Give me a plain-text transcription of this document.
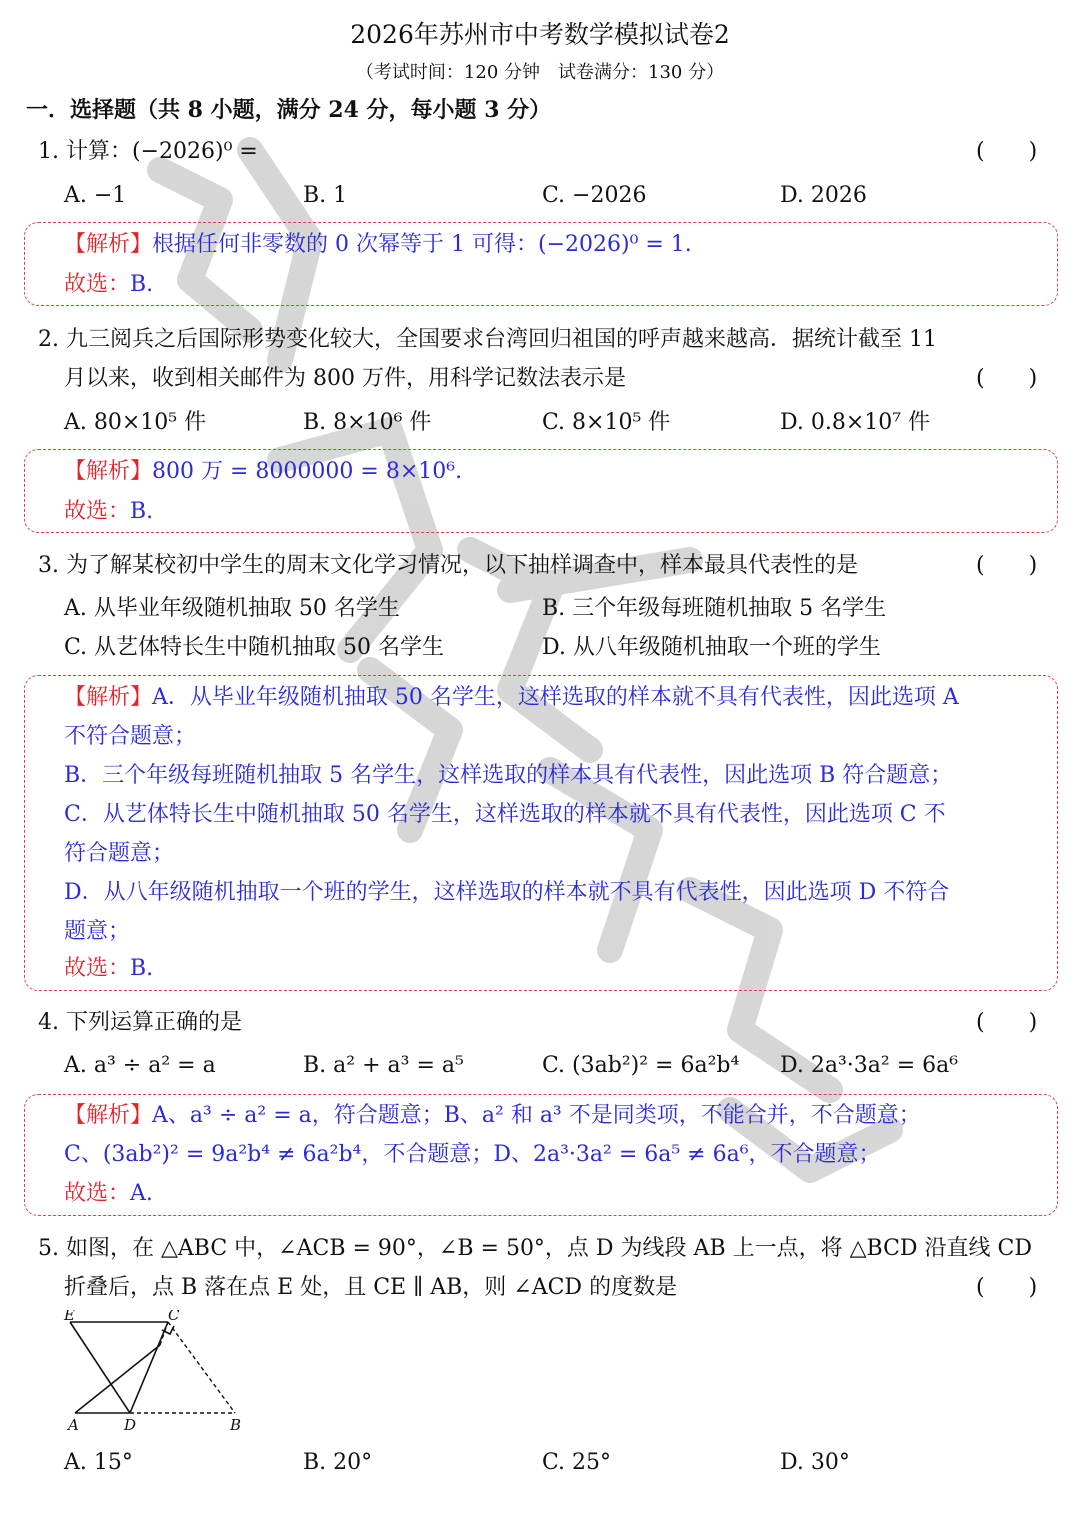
2026年苏州市中考数学模拟试卷2
（考试时间：120 分钟　试卷满分：130 分）
一．选择题（共 8 小题，满分 24 分，每小题 3 分）
1. 计算：(−2026)⁰ =	(　　)
A. −1	B. 1	C. −2026	D. 2026
【解析】根据任何非零数的 0 次幂等于 1 可得：(−2026)⁰ = 1.
故选：B.
2. 九三阅兵之后国际形势变化较大，全国要求台湾回归祖国的呼声越来越高．据统计截至 11
月以来，收到相关邮件为 800 万件，用科学记数法表示是	(　　)
A. 80×10⁵ 件	B. 8×10⁶ 件	C. 8×10⁵ 件	D. 0.8×10⁷ 件
【解析】800 万 = 8000000 = 8×10⁶.
故选：B.
3. 为了解某校初中学生的周末文化学习情况，以下抽样调查中，样本最具代表性的是	(　　)
A. 从毕业年级随机抽取 50 名学生	B. 三个年级每班随机抽取 5 名学生
C. 从艺体特长生中随机抽取 50 名学生	D. 从八年级随机抽取一个班的学生
【解析】A．从毕业年级随机抽取 50 名学生，这样选取的样本就不具有代表性，因此选项 A
不符合题意；
B．三个年级每班随机抽取 5 名学生，这样选取的样本具有代表性，因此选项 B 符合题意；
C．从艺体特长生中随机抽取 50 名学生，这样选取的样本就不具有代表性，因此选项 C 不
符合题意；
D．从八年级随机抽取一个班的学生，这样选取的样本就不具有代表性，因此选项 D 不符合
题意；
故选：B.
4. 下列运算正确的是	(　　)
A. a³ ÷ a² = a	B. a² + a³ = a⁵	C. (3ab²)² = 6a²b⁴ D. 2a³·3a² = 6a⁶
【解析】A、a³ ÷ a² = a，符合题意；B、a² 和 a³ 不是同类项，不能合并，不合题意；
C、(3ab²)² = 9a²b⁴ ≠ 6a²b⁴，不合题意；D、2a³·3a² = 6a⁵ ≠ 6a⁶，不合题意；
故选：A.
5. 如图，在 △ABC 中，∠ACB = 90°，∠B = 50°，点 D 为线段 AB 上一点，将 △BCD 沿直线 CD
折叠后，点 B 落在点 E 处，且 CE ∥ AB，则 ∠ACD 的度数是	(　　)
E	C
A	D	B
A. 15°	B. 20°	C. 25°	D. 30°
